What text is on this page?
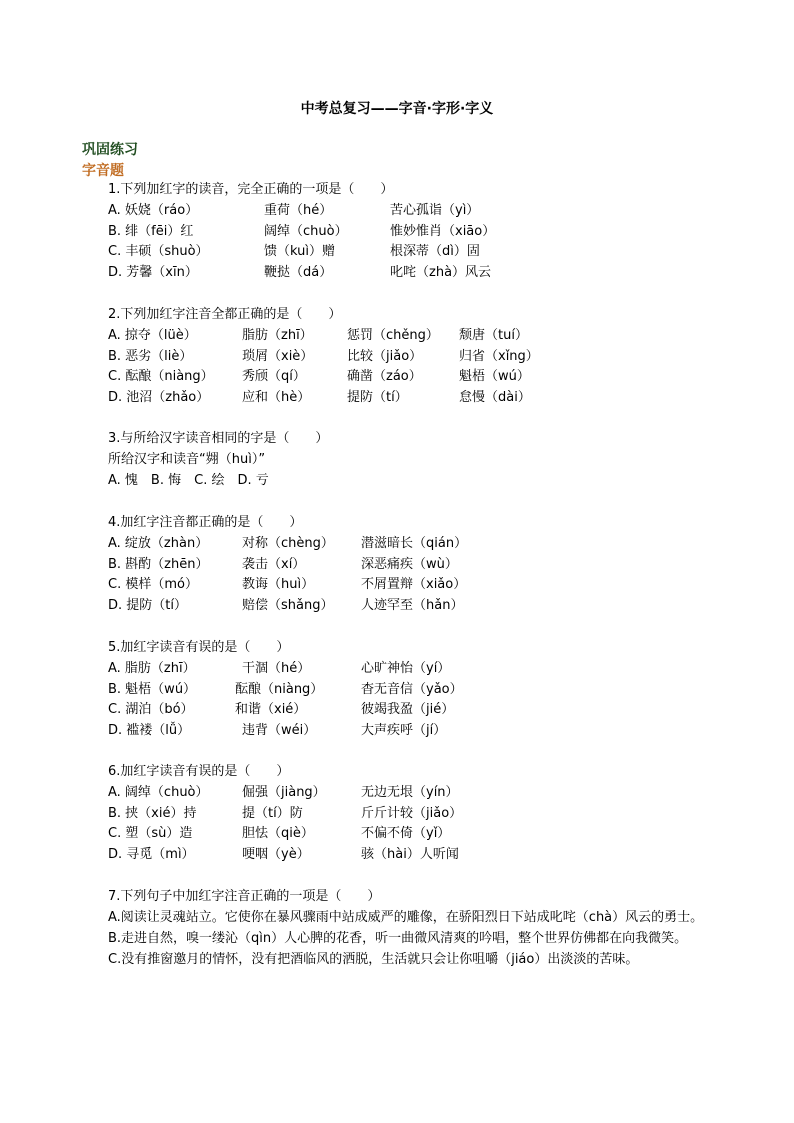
中考总复习——字音·字形·字义
巩固练习
字音题
1.下列加红字的读音，完全正确的一项是（　　）
A. 妖娆（ráo）	重荷（hé）	苦心孤诣（yì）
B. 绯（fēi）红	阔绰（chuò）	惟妙惟肖（xiāo）
C. 丰硕（shuò）	馈（kuì）赠	根深蒂（dì）固
D. 芳馨（xīn）	鞭挞（dá）	叱咤（zhà）风云
2.下列加红字注音全都正确的是（　　）
A. 掠夺（lüè）	脂肪（zhī）	惩罚（chěng） 颓唐（tuí）
B. 恶劣（liè）	琐屑（xiè）	比较（jiǎo）	归省（xǐng）
C. 酝酿（niàng） 秀颀（qí）	确凿（záo）	魁梧（wú）
D. 池沼（zhǎo）	应和（hè）	提防（tí）	怠慢（dài）
3.与所给汉字读音相同的字是（　　）
所给汉字和读音“翙（huì）”
A. 愧　B. 悔　C. 绘　D. 亏
4.加红字注音都正确的是（　　）
A. 绽放（zhàn）	对称（chèng） 潜滋暗长（qián）
B. 斟酌（zhēn）	袭击（xí）	深恶痛疾（wù）
C. 模样（mó）	教诲（huì）	不屑置辩（xiǎo）
D. 提防（tí）	赔偿（shǎng） 人迹罕至（hǎn）
5.加红字读音有误的是（　　）
A. 脂肪（zhī）	干涸（hé）	心旷神怡（yí）
B. 魁梧（wú）	酝酿（niàng）	杳无音信（yǎo）
C. 湖泊（bó）	和谐（xié）	彼竭我盈（jié）
D. 褴褛（lǚ）	违背（wéi）	大声疾呼（jí）
6.加红字读音有误的是（　　）
A. 阔绰（chuò）	倔强（jiàng）	无边无垠（yín）
B. 挟（xié）持	提（tí）防	斤斤计较（jiǎo）
C. 塑（sù）造	胆怯（qiè）	不偏不倚（yǐ）
D. 寻觅（mì）	哽咽（yè）	骇（hài）人听闻
7.下列句子中加红字注音正确的一项是（　　）

A.阅读让灵魂站立。它使你在暴风骤雨中站成威严的雕像，在骄阳烈日下站成叱咤（chà）风云的勇士。

B.走进自然，嗅一缕沁（qìn）人心脾的花香，听一曲微风清爽的吟唱，整个世界仿佛都在向我微笑。

C.没有推窗邀月的情怀，没有把酒临风的洒脱，生活就只会让你咀嚼（jiáo）出淡淡的苦味。
